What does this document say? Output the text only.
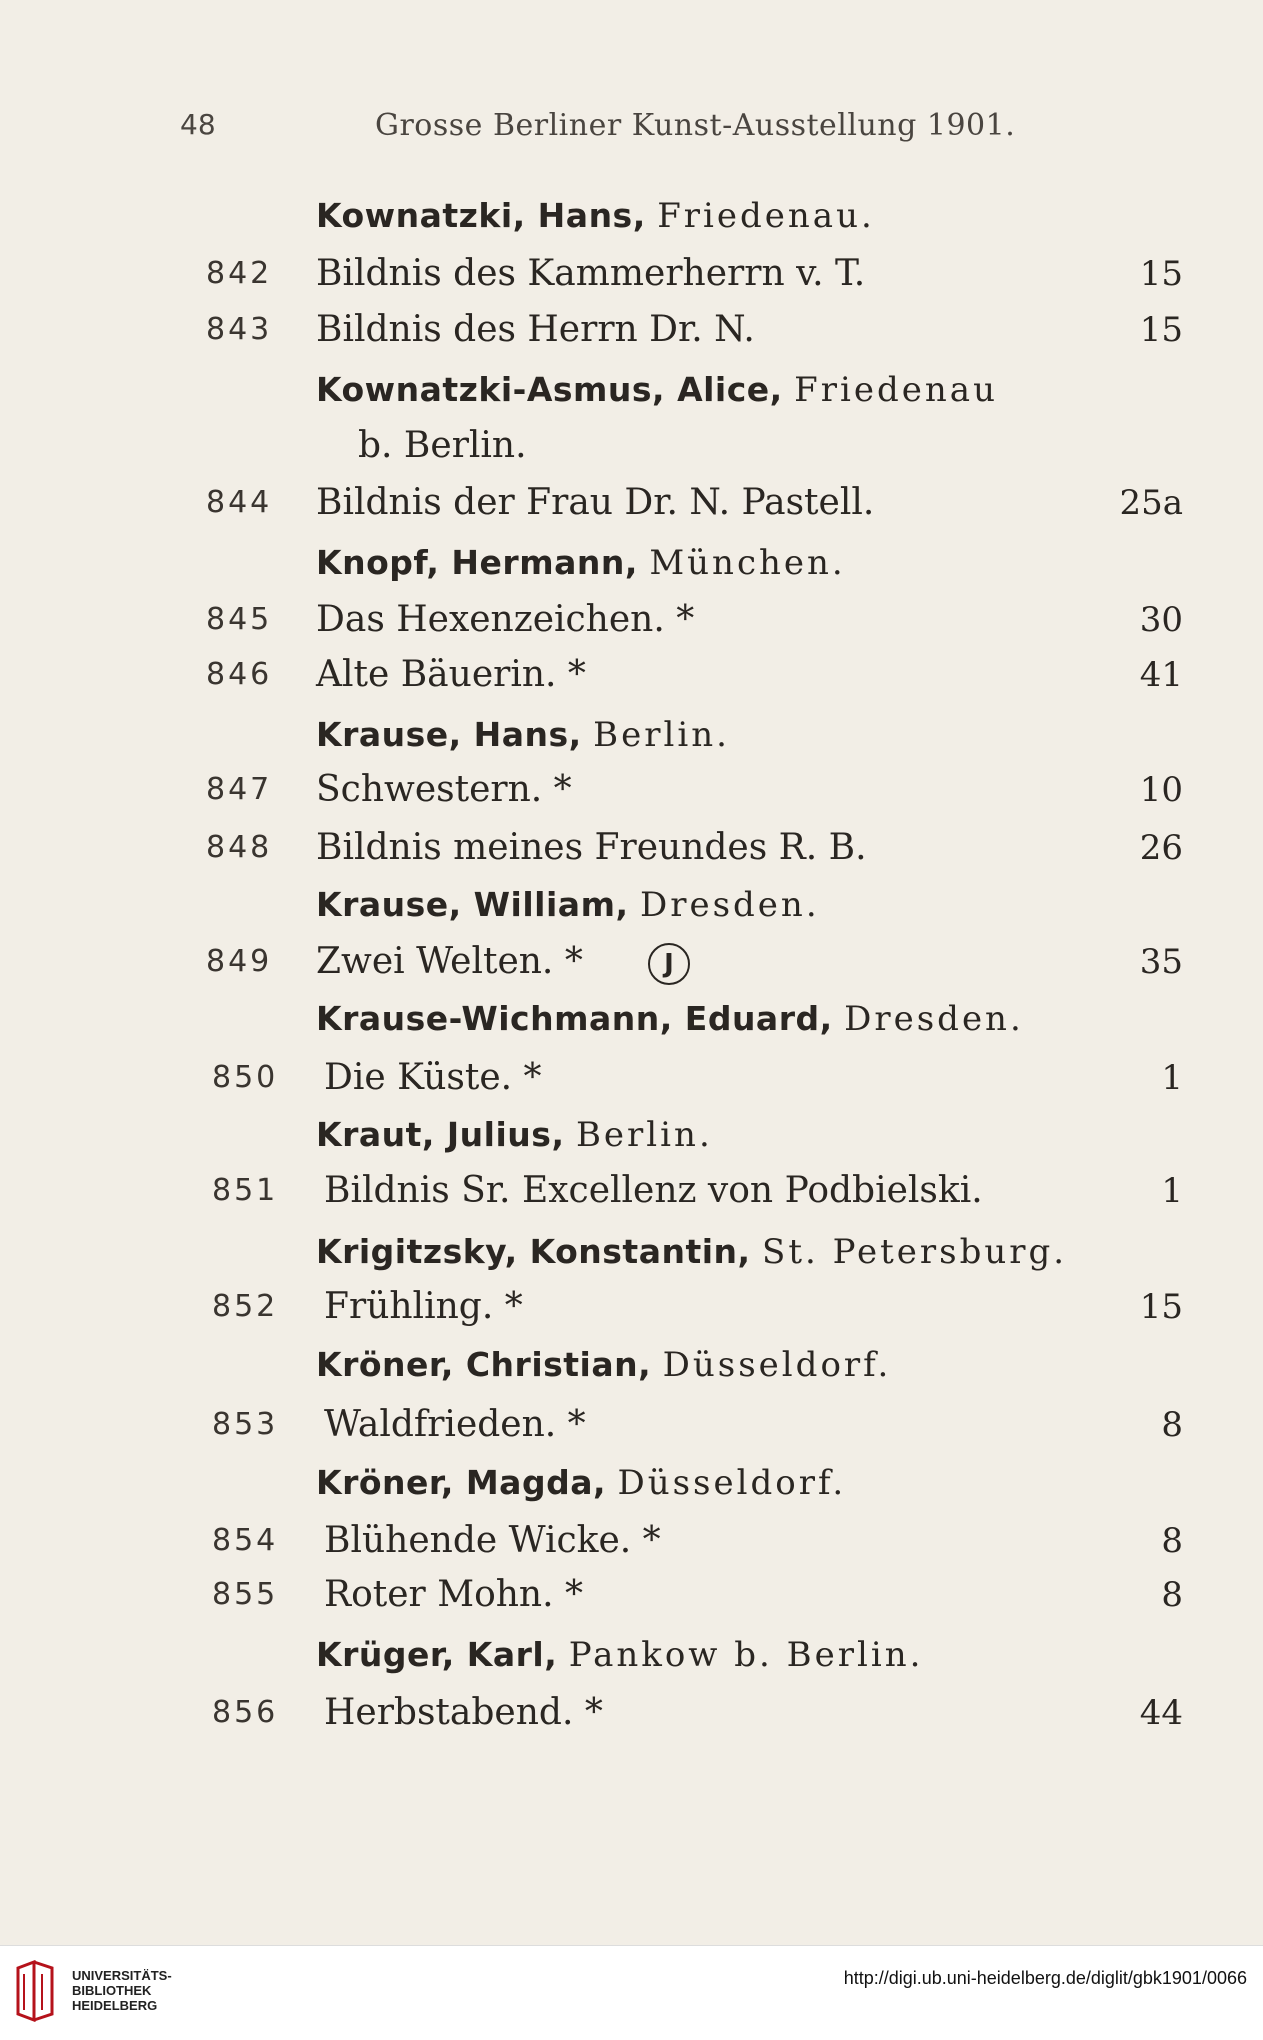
48	Grosse Berliner Kunst-Ausstellung 1901.
Kownatzki, Hans, Friedenau.
842 Bildnis des Kammerherrn v. T.	15
843 Bildnis des Herrn Dr. N.	15
Kownatzki-Asmus, Alice, Friedenau
b. Berlin.
844 Bildnis der Frau Dr. N. Pastell.	25a
Knopf, Hermann, München.
845 Das Hexenzeichen. *	30
846 Alte Bäuerin. *	41
Krause, Hans, Berlin.
847 Schwestern. *	10
848 Bildnis meines Freundes R. B.	26
Krause, William, Dresden.
849 Zwei Welten. *	J	35
Krause-Wichmann, Eduard, Dresden.
850 Die Küste. *	1
Kraut, Julius, Berlin.
851 Bildnis Sr. Excellenz von Podbielski.	1
Krigitzsky, Konstantin, St. Petersburg.
852 Frühling. *	15
Kröner, Christian, Düsseldorf.
853 Waldfrieden. *	8
Kröner, Magda, Düsseldorf.
854 Blühende Wicke. *	8
855 Roter Mohn. *	8
Krüger, Karl, Pankow b. Berlin.
856 Herbstabend. *	44
UNIVERSITÄTS-
BIBLIOTHEK
HEIDELBERG
http://digi.ub.uni-heidelberg.de/diglit/gbk1901/0066
